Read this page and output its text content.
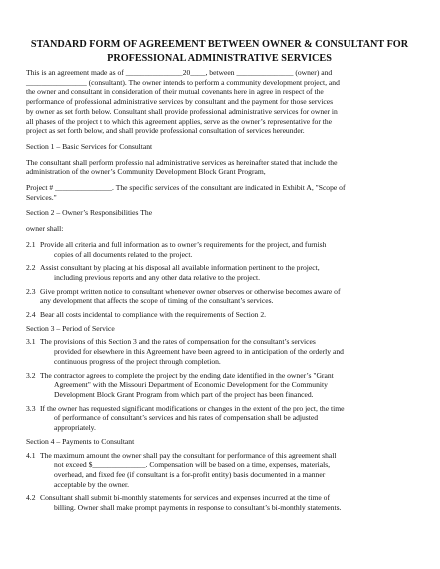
STANDARD FORM OF AGREEMENT BETWEEN OWNER & CONSULTANT FOR
PROFESSIONAL ADMINISTRATIVE SERVICES

This is an agreement made as of _______________20____, between _______________ (owner) and
________________ (consultant). The owner intends to perform a community development project, and
the owner and consultant in consideration of their mutual covenants here in agree in respect of the
performance of professional administrative services by consultant and the payment for those services
by owner as set forth below. Consultant shall provide professional administrative services for owner in
all phases of the project t to which this agreement applies, serve as the owner’s representative for the
project as set forth below, and shall provide professional consultation of services hereunder.

Section 1 – Basic Services for Consultant

The consultant shall perform professio nal administrative services as hereinafter stated that include the
administration of the owner’s Community Development Block Grant Program,

Project # _______________. The specific services of the consultant are indicated in Exhibit A, "Scope of
Services."

Section 2 – Owner’s Responsibilities The

owner shall:

2.1 Provide all criteria and full information as to owner’s requirements for the project, and furnish
copies of all documents related to the project.
2.2 Assist consultant by placing at his disposal all available information pertinent to the project,
including previous reports and any other data relative to the project.
2.3 Give prompt written notice to consultant whenever owner observes or otherwise becomes aware of
any development that affects the scope of timing of the consultant’s services.
2.4 Bear all costs incidental to compliance with the requirements of Section 2.

Section 3 – Period of Service

3.1 The provisions of this Section 3 and the rates of compensation for the consultant’s services
provided for elsewhere in this Agreement have been agreed to in anticipation of the orderly and
continuous progress of the project through completion.
3.2 The contractor agrees to complete the project by the ending date identified in the owner’s "Grant
Agreement" with the Missouri Department of Economic Development for the Community
Development Block Grant Program from which part of the project has been financed.
3.3 If the owner has requested significant modifications or changes in the extent of the pro ject, the time
of performance of consultant’s services and his rates of compensation shall be adjusted
appropriately.

Section 4 – Payments to Consultant

4.1 The maximum amount the owner shall pay the consultant for performance of this agreement shall
not exceed $______________. Compensation will be based on a time, expenses, materials,
overhead, and fixed fee (if consultant is a for-profit entity) basis documented in a manner
acceptable by the owner.
4.2 Consultant shall submit bi-monthly statements for services and expenses incurred at the time of
billing. Owner shall make prompt payments in response to consultant’s bi-monthly statements.
